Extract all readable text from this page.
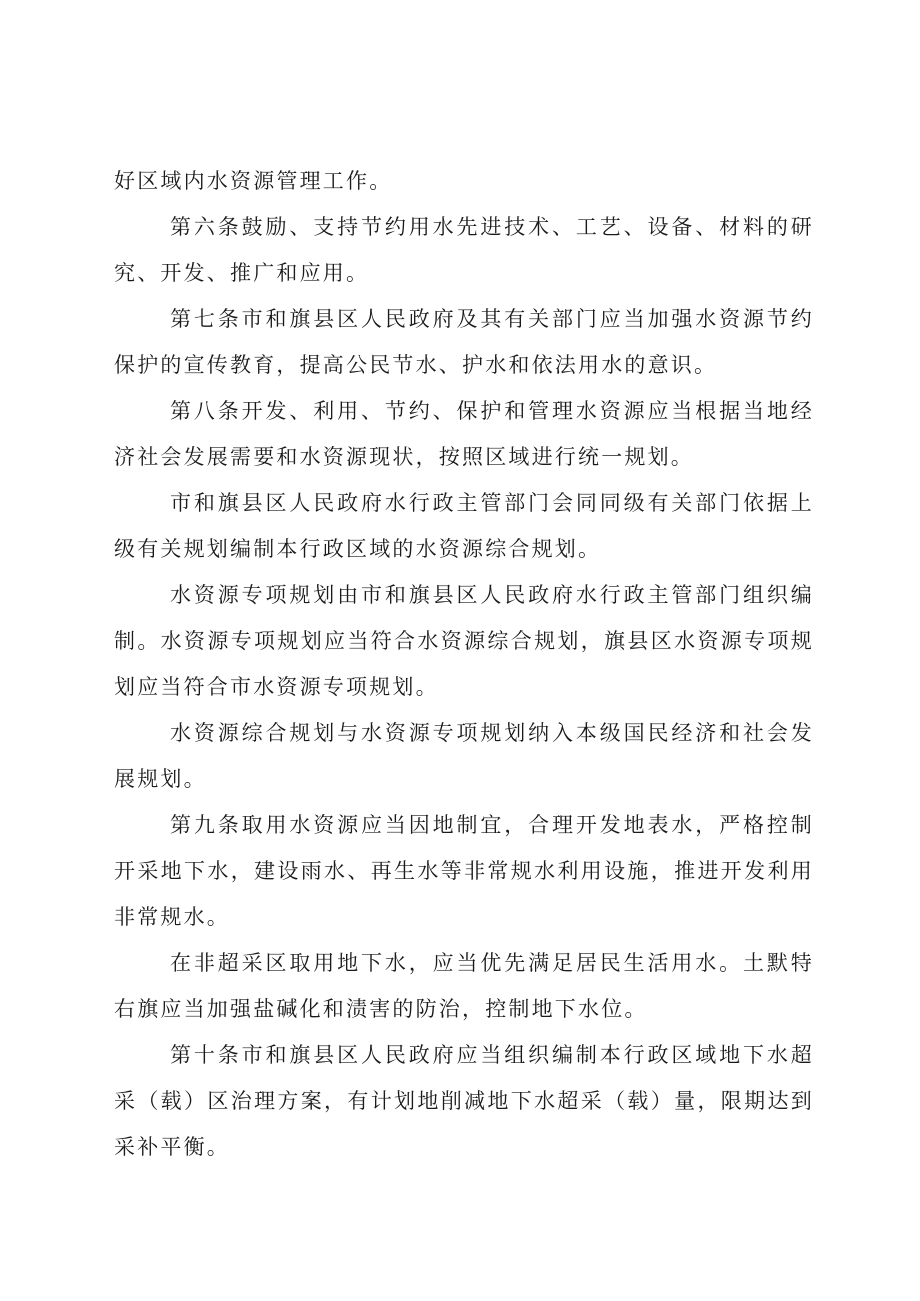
好区域内水资源管理工作。

第六条鼓励、支持节约用水先进技术、工艺、设备、材料的研究、开发、推广和应用。

第七条市和旗县区人民政府及其有关部门应当加强水资源节约保护的宣传教育，提高公民节水、护水和依法用水的意识。

第八条开发、利用、节约、保护和管理水资源应当根据当地经济社会发展需要和水资源现状，按照区域进行统一规划。

市和旗县区人民政府水行政主管部门会同同级有关部门依据上级有关规划编制本行政区域的水资源综合规划。

水资源专项规划由市和旗县区人民政府水行政主管部门组织编制。水资源专项规划应当符合水资源综合规划，旗县区水资源专项规划应当符合市水资源专项规划。

水资源综合规划与水资源专项规划纳入本级国民经济和社会发展规划。

第九条取用水资源应当因地制宜，合理开发地表水，严格控制开采地下水，建设雨水、再生水等非常规水利用设施，推进开发利用非常规水。

在非超采区取用地下水，应当优先满足居民生活用水。土默特右旗应当加强盐碱化和渍害的防治，控制地下水位。

第十条市和旗县区人民政府应当组织编制本行政区域地下水超采（载）区治理方案，有计划地削减地下水超采（载）量，限期达到采补平衡。
